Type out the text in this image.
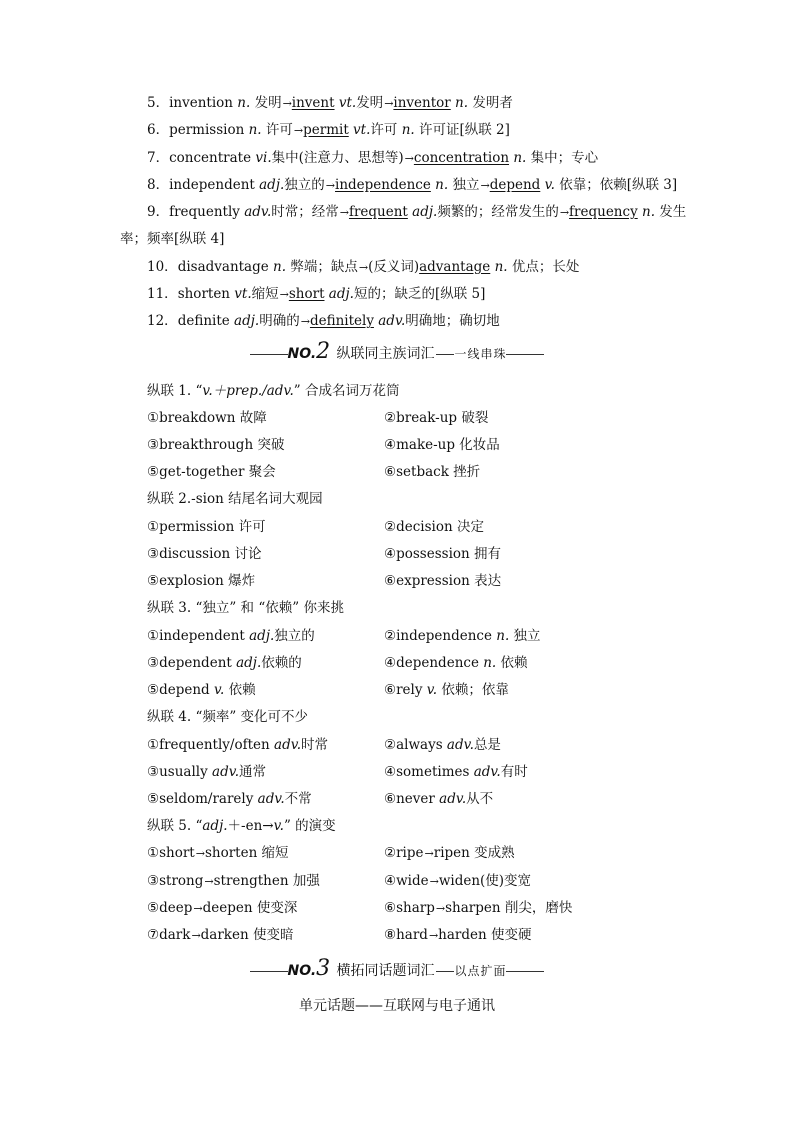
5．invention n. 发明→invent vt.发明→inventor n. 发明者
6．permission n. 许可→permit vt.许可 n. 许可证[纵联 2]
7．concentrate vi.集中(注意力、思想等)→concentration n. 集中；专心
8．independent adj.独立的→independence n. 独立→depend v. 依靠；依赖[纵联 3]
9．frequently adv.时常；经常→frequent adj.频繁的；经常发生的→frequency n. 发生
率；频率[纵联 4]
10．disadvantage n. 弊端；缺点→(反义词)advantage n. 优点；长处
11．shorten vt.缩短→short adj.短的；缺乏的[纵联 5]
12．definite adj.明确的→definitely adv.明确地；确切地
NO.2 纵联同主族词汇 一线串珠
纵联 1. “v.＋prep./adv.” 合成名词万花筒
①breakdown 故障	②break-up 破裂
③breakthrough 突破	④make-up 化妆品
⑤get-together 聚会	⑥setback 挫折
纵联 2.-sion 结尾名词大观园
①permission 许可	②decision 决定
③discussion 讨论	④possession 拥有
⑤explosion 爆炸	⑥expression 表达
纵联 3. “独立” 和 “依赖” 你来挑
①independent adj.独立的	②independence n. 独立
③dependent adj.依赖的	④dependence n. 依赖
⑤depend v. 依赖	⑥rely v. 依赖；依靠
纵联 4. “频率” 变化可不少
①frequently/often adv.时常	②always adv.总是
③usually adv.通常	④sometimes adv.有时
⑤seldom/rarely adv.不常	⑥never adv.从不
纵联 5. “adj.＋-en→v.” 的演变
①short→shorten 缩短	②ripe→ripen 变成熟
③strong→strengthen 加强	④wide→widen(使)变宽
⑤deep→deepen 使变深	⑥sharp→sharpen 削尖，磨快
⑦dark→darken 使变暗	⑧hard→harden 使变硬
NO.3 横拓同话题词汇 以点扩面
单元话题——互联网与电子通讯
